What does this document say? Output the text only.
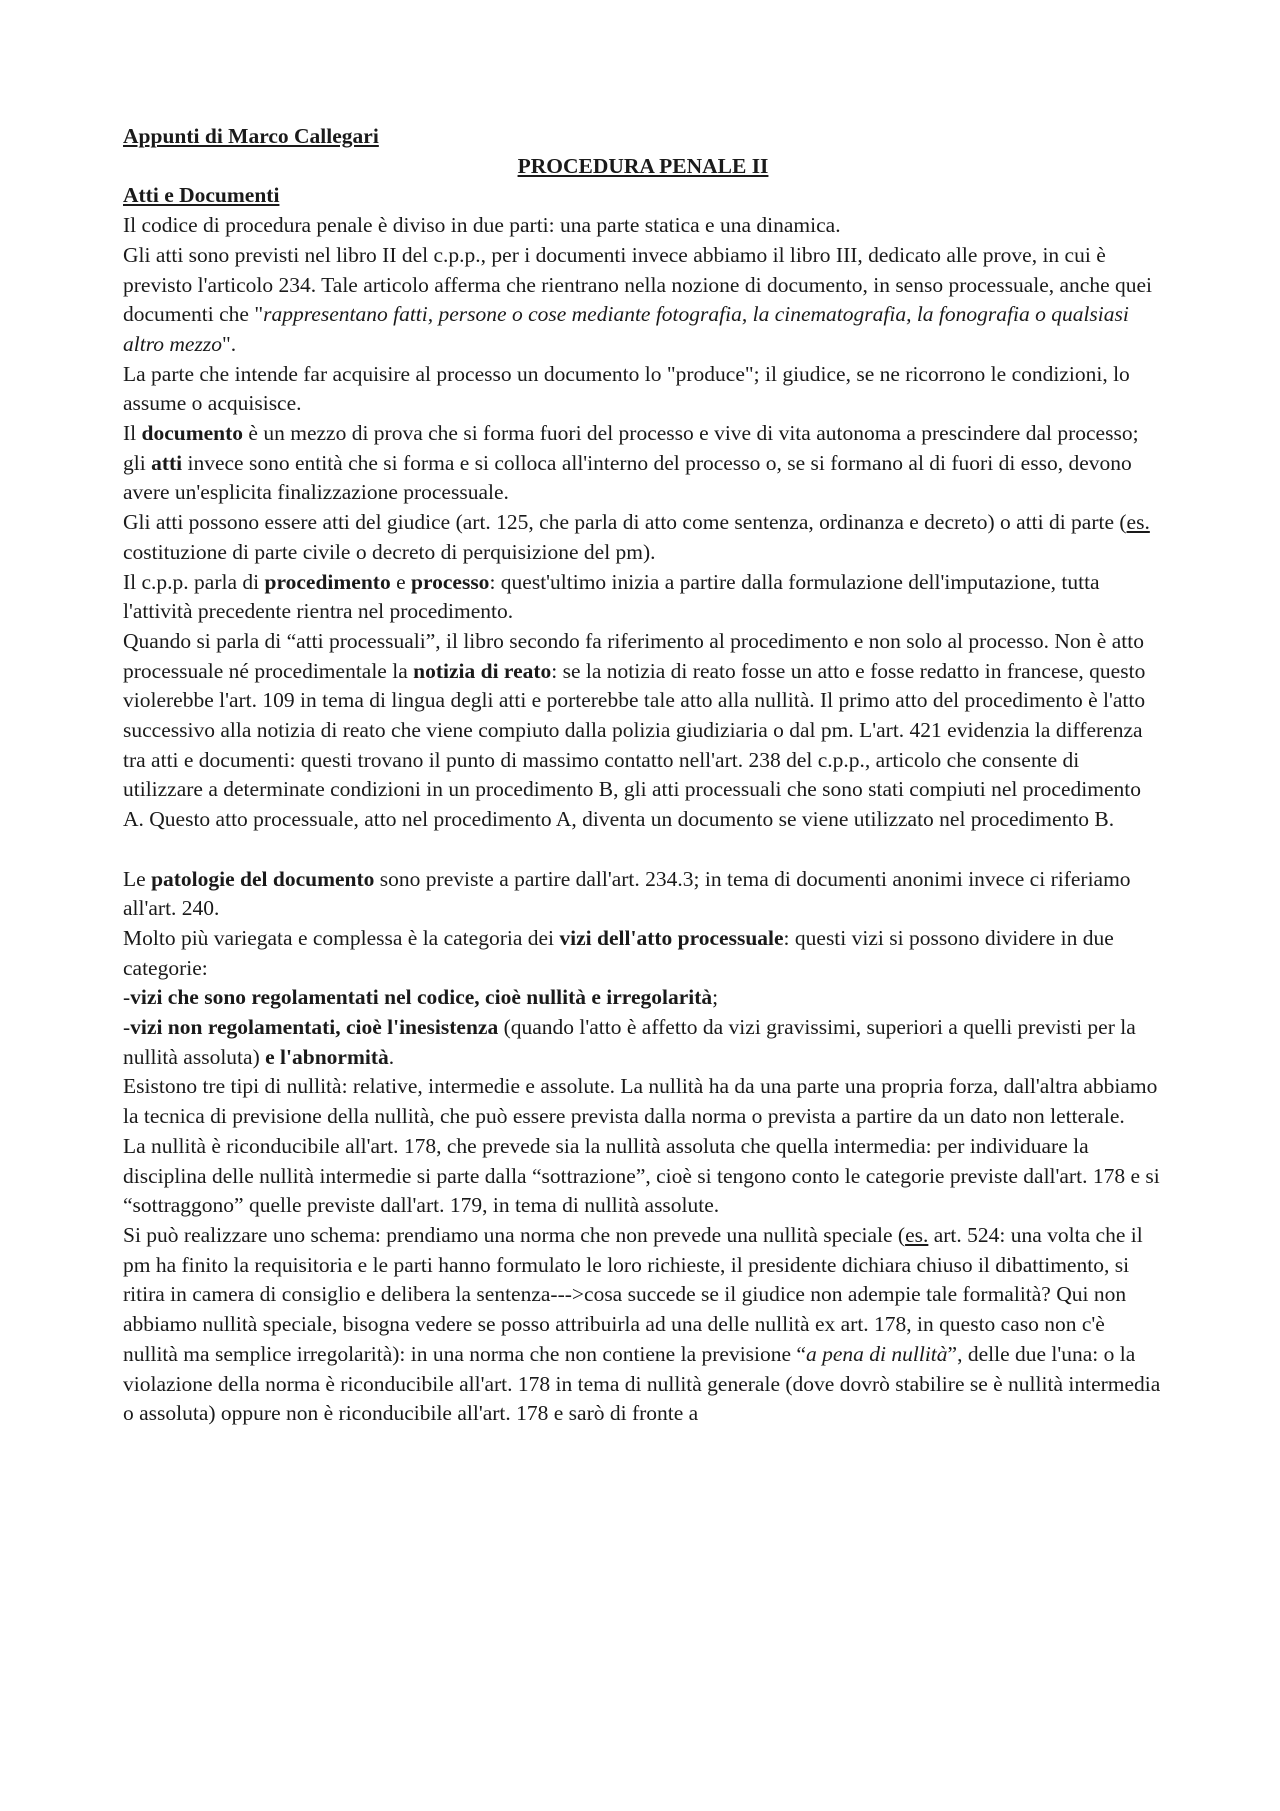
Appunti di Marco Callegari

PROCEDURA PENALE II

Atti e Documenti

Il codice di procedura penale è diviso in due parti: una parte statica e una dinamica.

Gli atti sono previsti nel libro II del c.p.p., per i documenti invece abbiamo il libro III, dedicato alle prove, in cui è previsto l'articolo 234. Tale articolo afferma che rientrano nella nozione di documento, in senso processuale, anche quei documenti che "rappresentano fatti, persone o cose mediante fotografia, la cinematografia, la fonografia o qualsiasi altro mezzo".

La parte che intende far acquisire al processo un documento lo "produce"; il giudice, se ne ricorrono le condizioni, lo assume o acquisisce.

Il documento è un mezzo di prova che si forma fuori del processo e vive di vita autonoma a prescindere dal processo; gli atti invece sono entità che si forma e si colloca all'interno del processo o, se si formano al di fuori di esso, devono avere un'esplicita finalizzazione processuale.

Gli atti possono essere atti del giudice (art. 125, che parla di atto come sentenza, ordinanza e decreto) o atti di parte (es. costituzione di parte civile o decreto di perquisizione del pm).

Il c.p.p. parla di procedimento e processo: quest'ultimo inizia a partire dalla formulazione dell'imputazione, tutta l'attività precedente rientra nel procedimento.

Quando si parla di “atti processuali”, il libro secondo fa riferimento al procedimento e non solo al processo. Non è atto processuale né procedimentale la notizia di reato: se la notizia di reato fosse un atto e fosse redatto in francese, questo violerebbe l'art. 109 in tema di lingua degli atti e porterebbe tale atto alla nullità. Il primo atto del procedimento è l'atto successivo alla notizia di reato che viene compiuto dalla polizia giudiziaria o dal pm. L'art. 421 evidenzia la differenza tra atti e documenti: questi trovano il punto di massimo contatto nell'art. 238 del c.p.p., articolo che consente di utilizzare a determinate condizioni in un procedimento B, gli atti processuali che sono stati compiuti nel procedimento A. Questo atto processuale, atto nel procedimento A, diventa un documento se viene utilizzato nel procedimento B.

Le patologie del documento sono previste a partire dall'art. 234.3; in tema di documenti anonimi invece ci riferiamo all'art. 240.

Molto più variegata e complessa è la categoria dei vizi dell'atto processuale: questi vizi si possono dividere in due categorie:

-vizi che sono regolamentati nel codice, cioè nullità e irregolarità;

-vizi non regolamentati, cioè l'inesistenza (quando l'atto è affetto da vizi gravissimi, superiori a quelli previsti per la nullità assoluta) e l'abnormità.

Esistono tre tipi di nullità: relative, intermedie e assolute. La nullità ha da una parte una propria forza, dall'altra abbiamo la tecnica di previsione della nullità, che può essere prevista dalla norma o prevista a partire da un dato non letterale.

La nullità è riconducibile all'art. 178, che prevede sia la nullità assoluta che quella intermedia: per individuare la disciplina delle nullità intermedie si parte dalla “sottrazione”, cioè si tengono conto le categorie previste dall'art. 178 e si “sottraggono” quelle previste dall'art. 179, in tema di nullità assolute.

Si può realizzare uno schema: prendiamo una norma che non prevede una nullità speciale (es. art. 524: una volta che il pm ha finito la requisitoria e le parti hanno formulato le loro richieste, il presidente dichiara chiuso il dibattimento, si ritira in camera di consiglio e delibera la sentenza--->cosa succede se il giudice non adempie tale formalità? Qui non abbiamo nullità speciale, bisogna vedere se posso attribuirla ad una delle nullità ex art. 178, in questo caso non c'è nullità ma semplice irregolarità): in una norma che non contiene la previsione “a pena di nullità”, delle due l'una: o la violazione della norma è riconducibile all'art. 178 in tema di nullità generale (dove dovrò stabilire se è nullità intermedia o assoluta) oppure non è riconducibile all'art. 178 e sarò di fronte a
